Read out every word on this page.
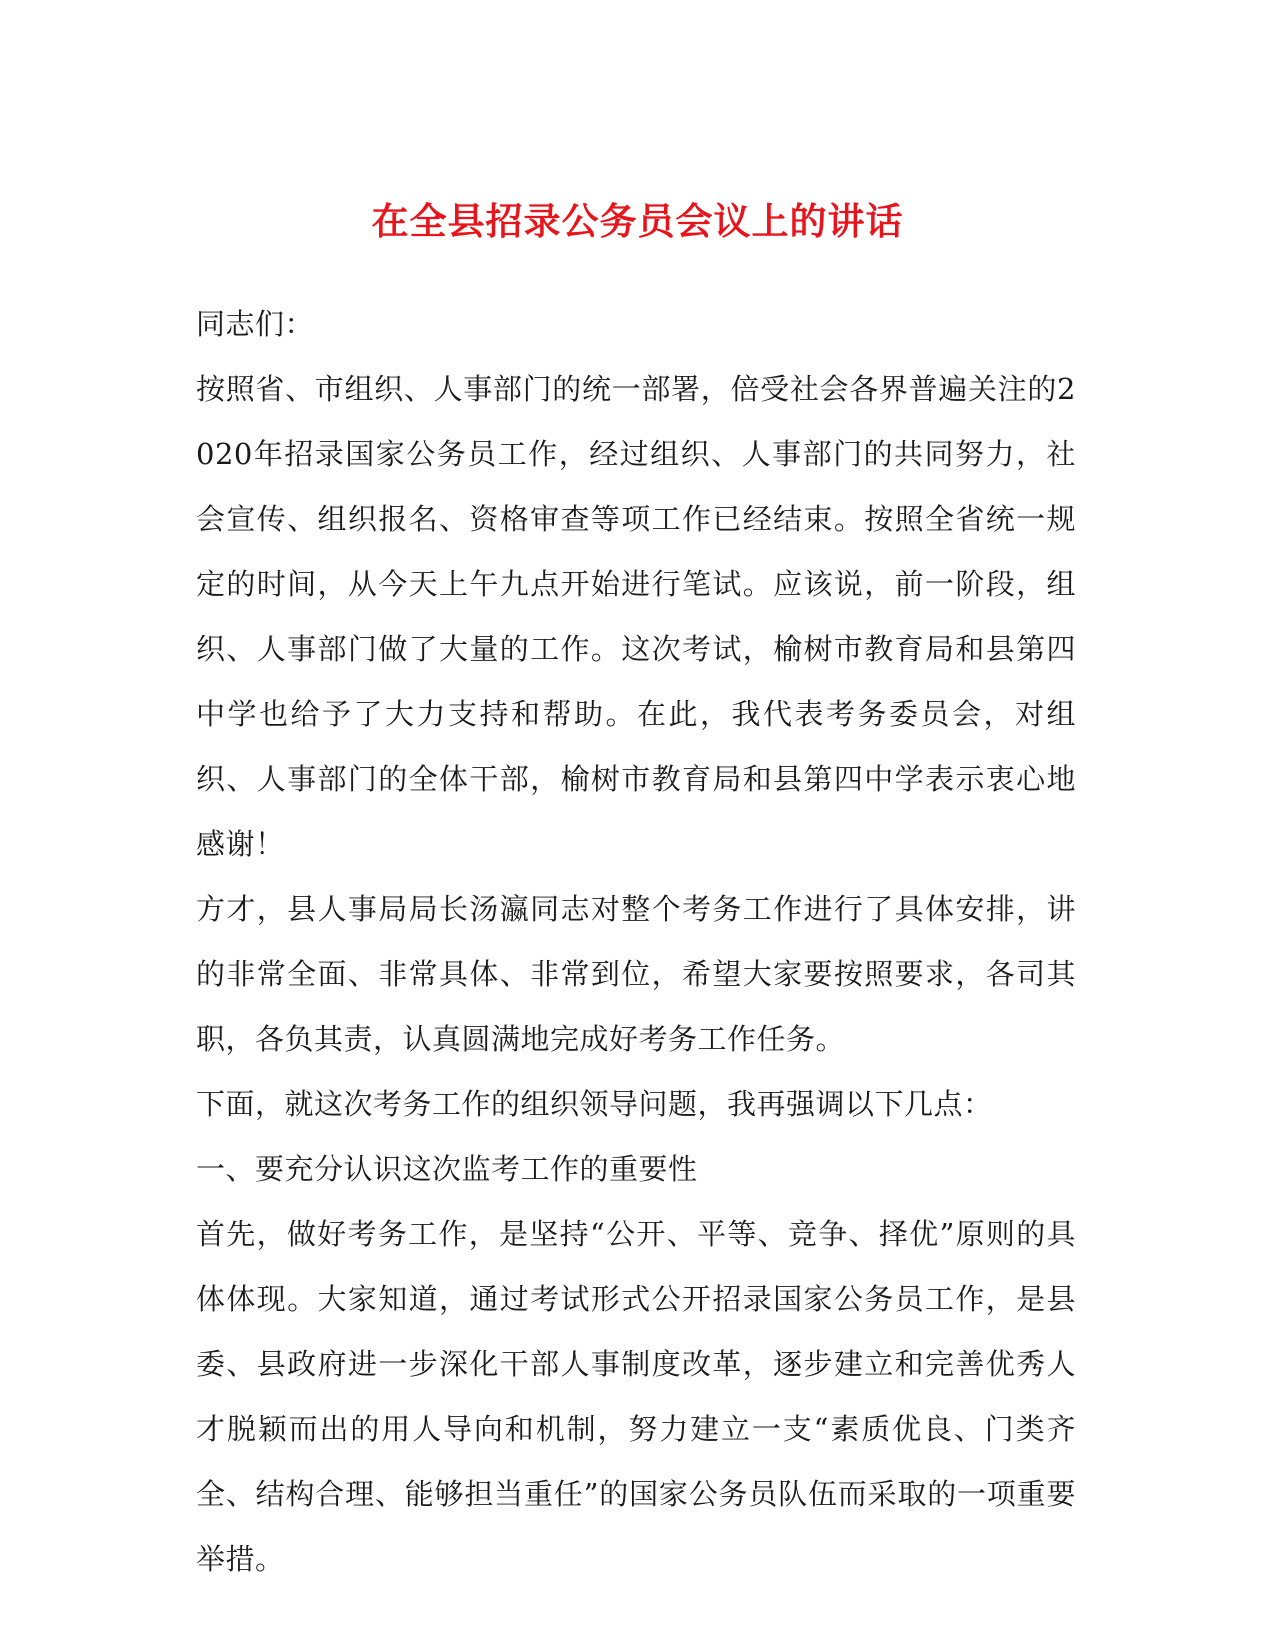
在全县招录公务员会议上的讲话

同志们：

按照省、市组织、人事部门的统一部署，倍受社会各界普遍关注的2020年招录国家公务员工作，经过组织、人事部门的共同努力，社会宣传、组织报名、资格审查等项工作已经结束。按照全省统一规定的时间，从今天上午九点开始进行笔试。应该说，前一阶段，组织、人事部门做了大量的工作。这次考试，榆树市教育局和县第四中学也给予了大力支持和帮助。在此，我代表考务委员会，对组织、人事部门的全体干部，榆树市教育局和县第四中学表示衷心地感谢！

方才，县人事局局长汤瀛同志对整个考务工作进行了具体安排，讲的非常全面、非常具体、非常到位，希望大家要按照要求，各司其职，各负其责，认真圆满地完成好考务工作任务。

下面，就这次考务工作的组织领导问题，我再强调以下几点：

一、要充分认识这次监考工作的重要性

首先，做好考务工作，是坚持“公开、平等、竞争、择优”原则的具体体现。大家知道，通过考试形式公开招录国家公务员工作，是县委、县政府进一步深化干部人事制度改革，逐步建立和完善优秀人才脱颖而出的用人导向和机制，努力建立一支“素质优良、门类齐全、结构合理、能够担当重任”的国家公务员队伍而采取的一项重要举措。
